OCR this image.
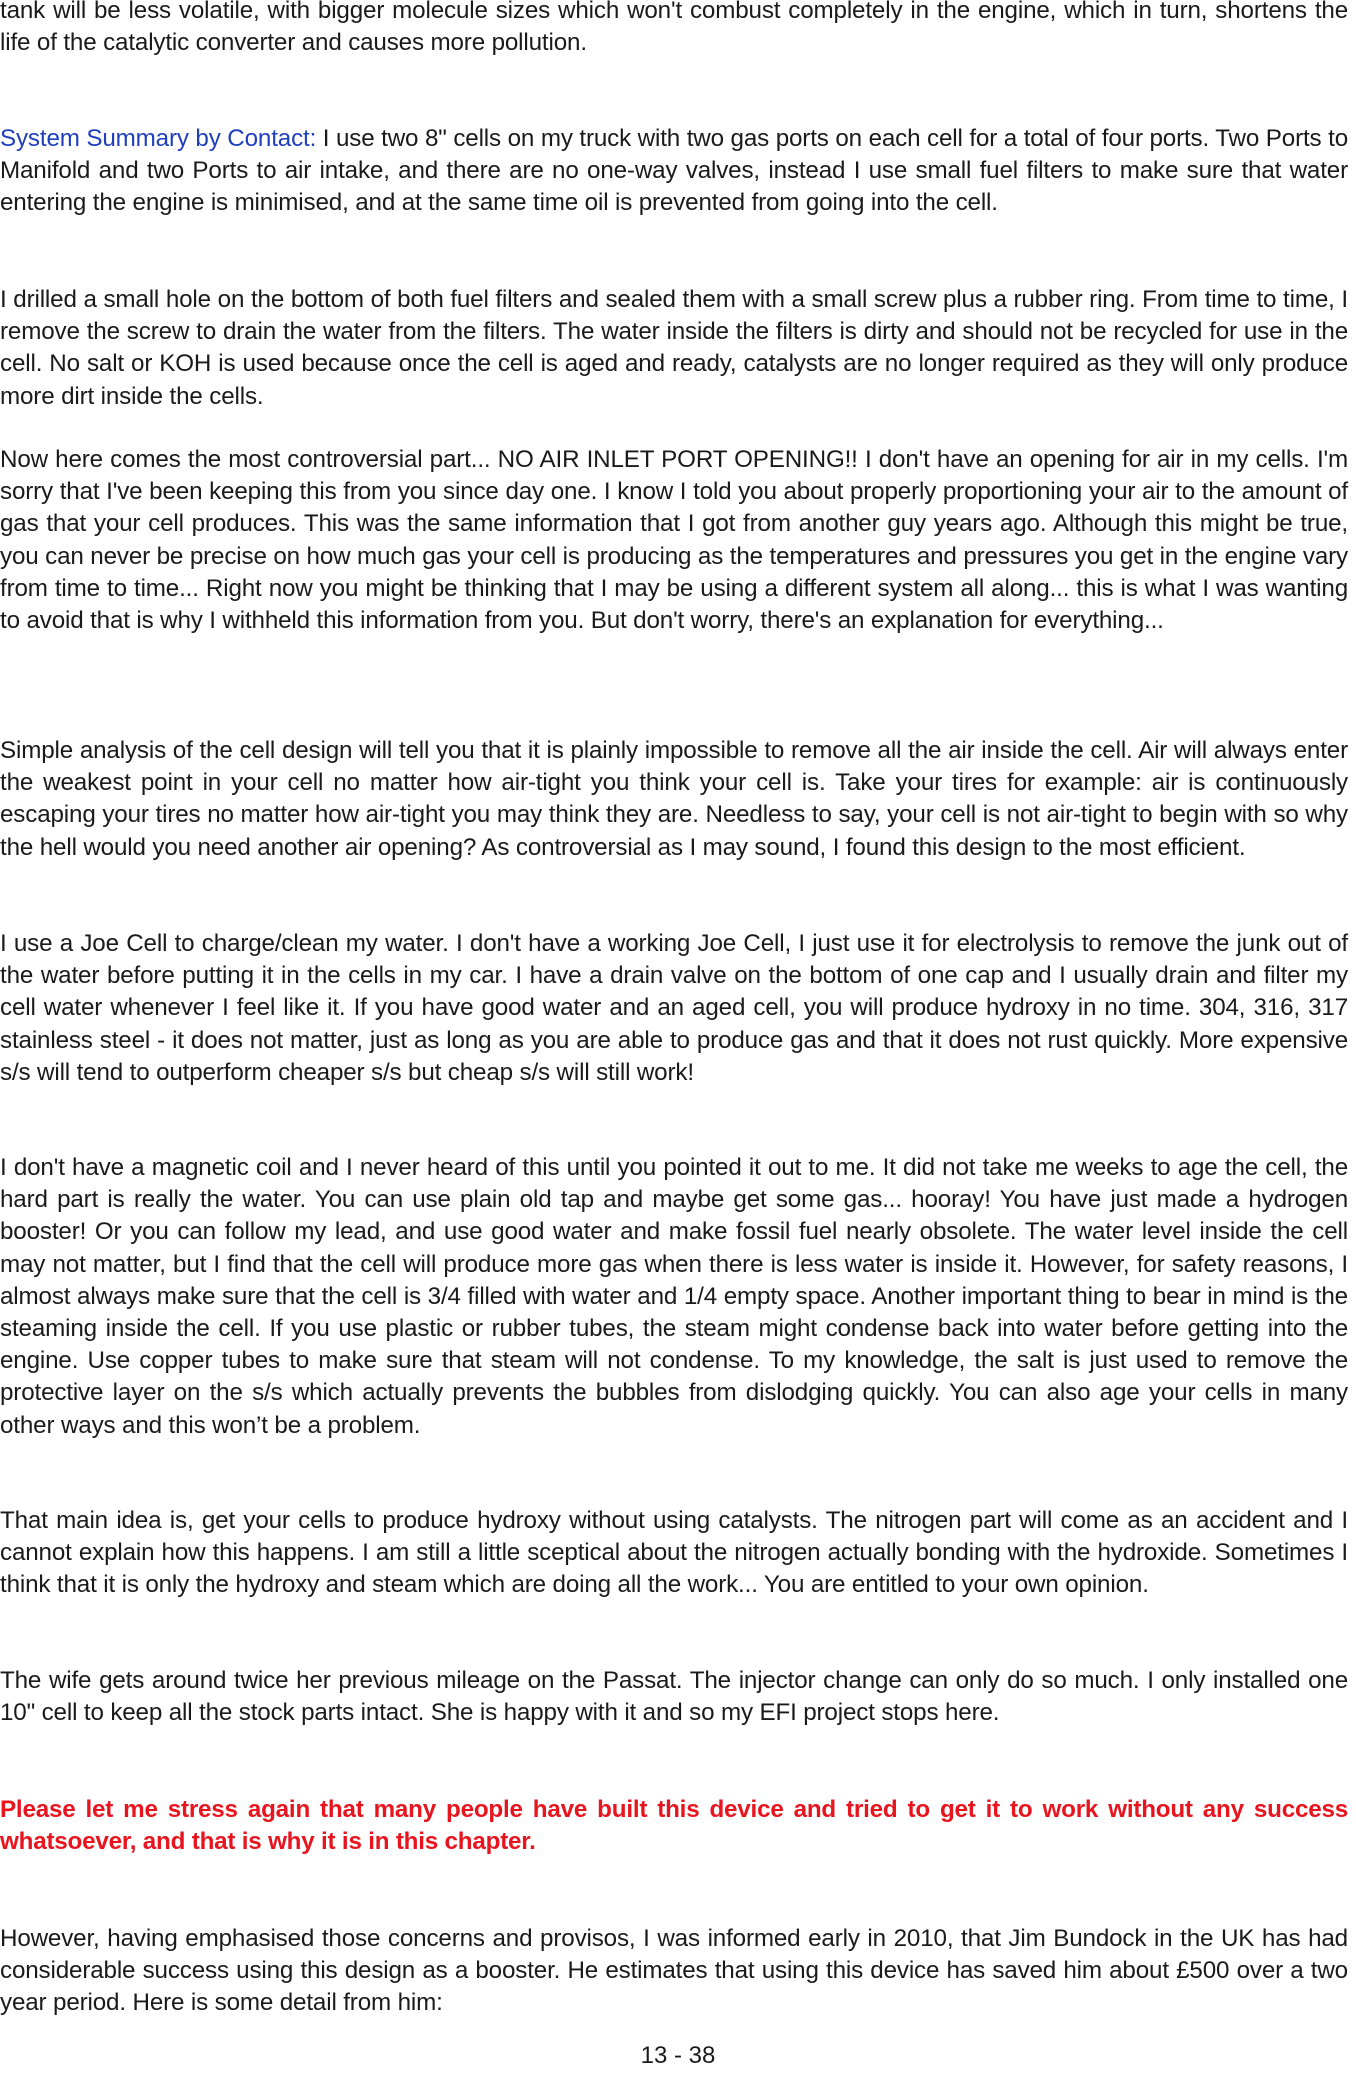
tank will be less volatile, with bigger molecule sizes which won't combust completely in the engine, which in turn, shortens the life of the catalytic converter and causes more pollution.

System Summary by Contact: I use two 8" cells on my truck with two gas ports on each cell for a total of four ports. Two Ports to Manifold and two Ports to air intake, and there are no one-way valves, instead I use small fuel filters to make sure that water entering the engine is minimised, and at the same time oil is prevented from going into the cell.

I drilled a small hole on the bottom of both fuel filters and sealed them with a small screw plus a rubber ring. From time to time, I remove the screw to drain the water from the filters. The water inside the filters is dirty and should not be recycled for use in the cell. No salt or KOH is used because once the cell is aged and ready, catalysts are no longer required as they will only produce more dirt inside the cells.

Now here comes the most controversial part... NO AIR INLET PORT OPENING!! I don't have an opening for air in my cells. I'm sorry that I've been keeping this from you since day one. I know I told you about properly proportioning your air to the amount of gas that your cell produces. This was the same information that I got from another guy years ago. Although this might be true, you can never be precise on how much gas your cell is producing as the temperatures and pressures you get in the engine vary from time to time... Right now you might be thinking that I may be using a different system all along... this is what I was wanting to avoid that is why I withheld this information from you. But don't worry, there's an explanation for everything...

Simple analysis of the cell design will tell you that it is plainly impossible to remove all the air inside the cell. Air will always enter the weakest point in your cell no matter how air-tight you think your cell is. Take your tires for example: air is continuously escaping your tires no matter how air-tight you may think they are. Needless to say, your cell is not air-tight to begin with so why the hell would you need another air opening? As controversial as I may sound, I found this design to the most efficient.

I use a Joe Cell to charge/clean my water. I don't have a working Joe Cell, I just use it for electrolysis to remove the junk out of the water before putting it in the cells in my car. I have a drain valve on the bottom of one cap and I usually drain and filter my cell water whenever I feel like it. If you have good water and an aged cell, you will produce hydroxy in no time. 304, 316, 317 stainless steel - it does not matter, just as long as you are able to produce gas and that it does not rust quickly. More expensive s/s will tend to outperform cheaper s/s but cheap s/s will still work!

I don't have a magnetic coil and I never heard of this until you pointed it out to me. It did not take me weeks to age the cell, the hard part is really the water. You can use plain old tap and maybe get some gas... hooray! You have just made a hydrogen booster! Or you can follow my lead, and use good water and make fossil fuel nearly obsolete. The water level inside the cell may not matter, but I find that the cell will produce more gas when there is less water is inside it. However, for safety reasons, I almost always make sure that the cell is 3/4 filled with water and 1/4 empty space. Another important thing to bear in mind is the steaming inside the cell. If you use plastic or rubber tubes, the steam might condense back into water before getting into the engine. Use copper tubes to make sure that steam will not condense. To my knowledge, the salt is just used to remove the protective layer on the s/s which actually prevents the bubbles from dislodging quickly. You can also age your cells in many other ways and this won’t be a problem.

That main idea is, get your cells to produce hydroxy without using catalysts. The nitrogen part will come as an accident and I cannot explain how this happens. I am still a little sceptical about the nitrogen actually bonding with the hydroxide. Sometimes I think that it is only the hydroxy and steam which are doing all the work... You are entitled to your own opinion.

The wife gets around twice her previous mileage on the Passat. The injector change can only do so much. I only installed one 10" cell to keep all the stock parts intact. She is happy with it and so my EFI project stops here.

Please let me stress again that many people have built this device and tried to get it to work without any success whatsoever, and that is why it is in this chapter.

However, having emphasised those concerns and provisos, I was informed early in 2010, that Jim Bundock in the UK has had considerable success using this design as a booster. He estimates that using this device has saved him about £500 over a two year period. Here is some detail from him:

13 - 38
